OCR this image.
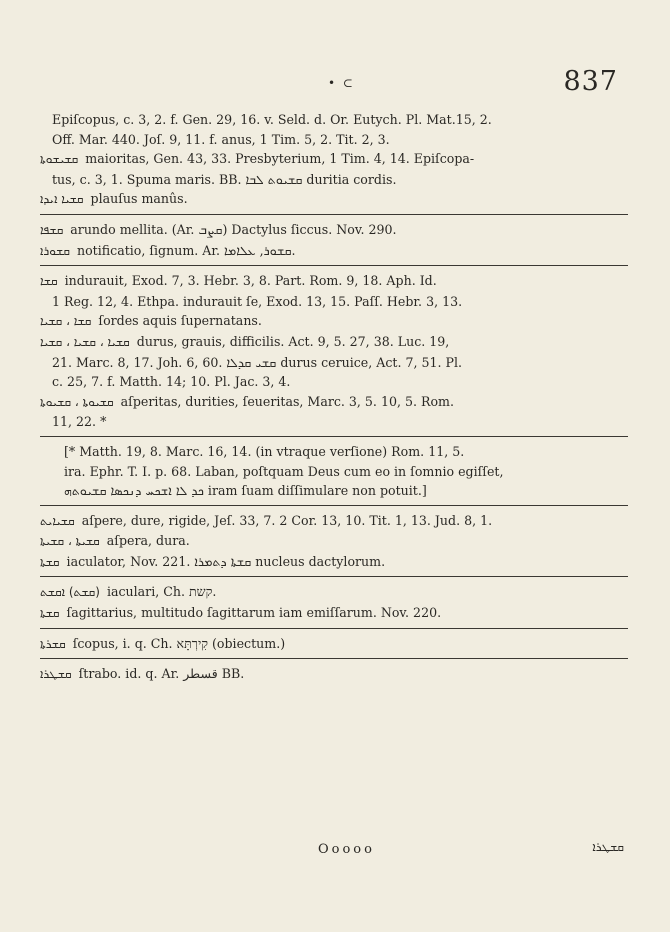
• ⊂	837

Epiſcopus, c. 3, 2. f. Gen. 29, 16. v. Seld. d. Or. Eutych. Pl. Mat.15, 2.

Off. Mar. 440. Joſ. 9, 11. f. anus, 1 Tim. 5, 2. Tit. 2, 3.

ܩܫܝܫܘܬܐ maioritas, Gen. 43, 33. Presbyterium, 1 Tim. 4, 14. Epiſcopa-

tus, c. 3, 1. Spuma maris. BB. ܩܫܝܘܬ ܠܒܐ duritia cordis.

ܩܫܝܐ ܐܝܕܐ plauſus manûs.

ܩܫܦܐ arundo mellita. (Ar. ܩܨܒ) Dactylus ſiccus. Nov. 290.

ܩܫܘܪܐ notificatio, ſignum. Ar. ܩܫܘܪ, ܥܠܐܡܐ.

ܩܫܐ indurauit, Exod. 7, 3. Hebr. 3, 8. Part. Rom. 9, 18. Aph. Id.

1 Reg. 12, 4. Ethpa. indurauit ſe, Exod. 13, 15. Paſſ. Hebr. 3, 13.

ܩܫܐ ، ܩܫܝܐ ſordes aquis ſupernatans.

ܩܫܝܐ ، ܩܫܝܐ ، ܩܫܝܐ durus, grauis, difficilis. Act. 9, 5. 27, 38. Luc. 19,

21. Marc. 8, 17. Joh. 6, 60. ܩܫܝ ܩܕܠܐ durus ceruice, Act. 7, 51. Pl.

c. 25, 7. f. Matth. 14; 10. Pl. Jac. 3, 4.

ܩܫܝܘܬܐ ، ܩܫܝܘܬܐ aſperitas, durities, ſeueritas, Marc. 3, 5. 10, 5. Rom.

11, 22. *

[* Matth. 19, 8. Marc. 16, 14. (in vtraque verſione) Rom. 11, 5.

ira. Ephr. T. I. p. 68. Laban, poſtquam Deus cum eo in ſomnio egiſſet,

ܟܕ ܠܐ ܐܫܟܚ ܕܢܟܣܐ ܩܫܝܘܬܗ iram ſuam diſſimulare non potuit.]

ܩܫܝܐܝܬ aſpere, dure, rigide, Jeſ. 33, 7. 2 Cor. 13, 10. Tit. 1, 13. Jud. 8, 1.

ܩܫܝܬܐ ، ܩܫܝܬܐ aſpera, dura.

ܩܫܬܐ iaculator, Nov. 221. ܩܫܬܐ ܕܬܡܪܐ nucleus dactylorum.

(ܩܫܬ) ܐܩܫܬ iaculari, Ch. קשת.

ܩܫܬܐ ſagittarius, multitudo ſagittarum iam emiſſarum. Nov. 220.

ܩܫܪܬܐ ſcopus, i. q. Ch. קִירְתָּא (obiectum.)

ܩܫܛܪܐ ſtrabo. id. q. Ar. قسطر BB.

Ooooo	ܩܫܛܪܐ
